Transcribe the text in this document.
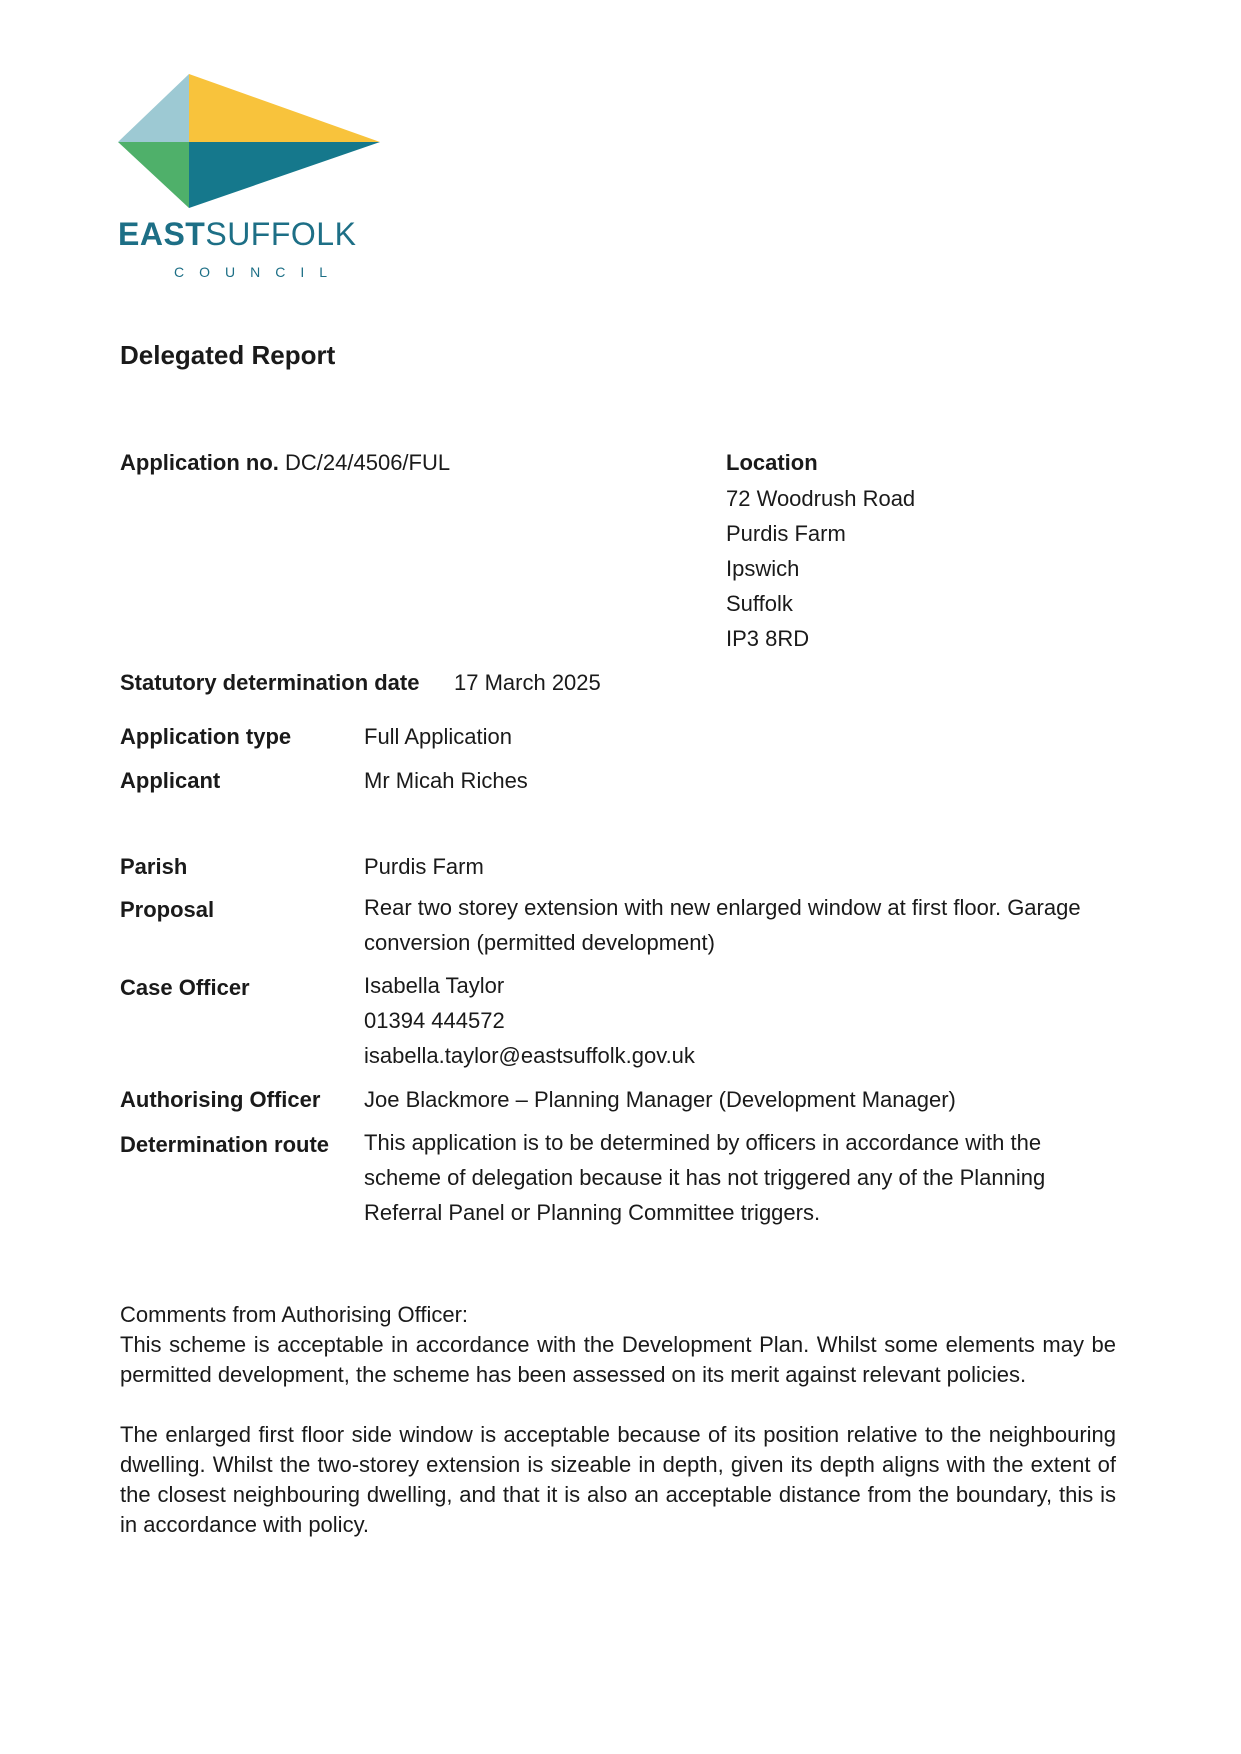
EASTSUFFOLK
COUNCIL
Delegated Report
Application no. DC/24/4506/FUL	Location
72 Woodrush Road
Purdis Farm
Ipswich
Suffolk
IP3 8RD
Statutory determination date 17 March 2025
Application type	Full Application
Applicant	Mr Micah Riches
Parish	Purdis Farm
Proposal	Rear two storey extension with new enlarged window at first floor. Garage conversion (permitted development)
Case Officer	Isabella Taylor
01394 444572
isabella.taylor@eastsuffolk.gov.uk
Authorising Officer Joe Blackmore – Planning Manager (Development Manager)
Determination route This application is to be determined by officers in accordance with the scheme of delegation because it has not triggered any of the Planning Referral Panel or Planning Committee triggers.
Comments from Authorising Officer:
This scheme is acceptable in accordance with the Development Plan. Whilst some elements may be permitted development, the scheme has been assessed on its merit against relevant policies.
The enlarged first floor side window is acceptable because of its position relative to the neighbouring dwelling. Whilst the two-storey extension is sizeable in depth, given its depth aligns with the extent of the closest neighbouring dwelling, and that it is also an acceptable distance from the boundary, this is in accordance with policy.
